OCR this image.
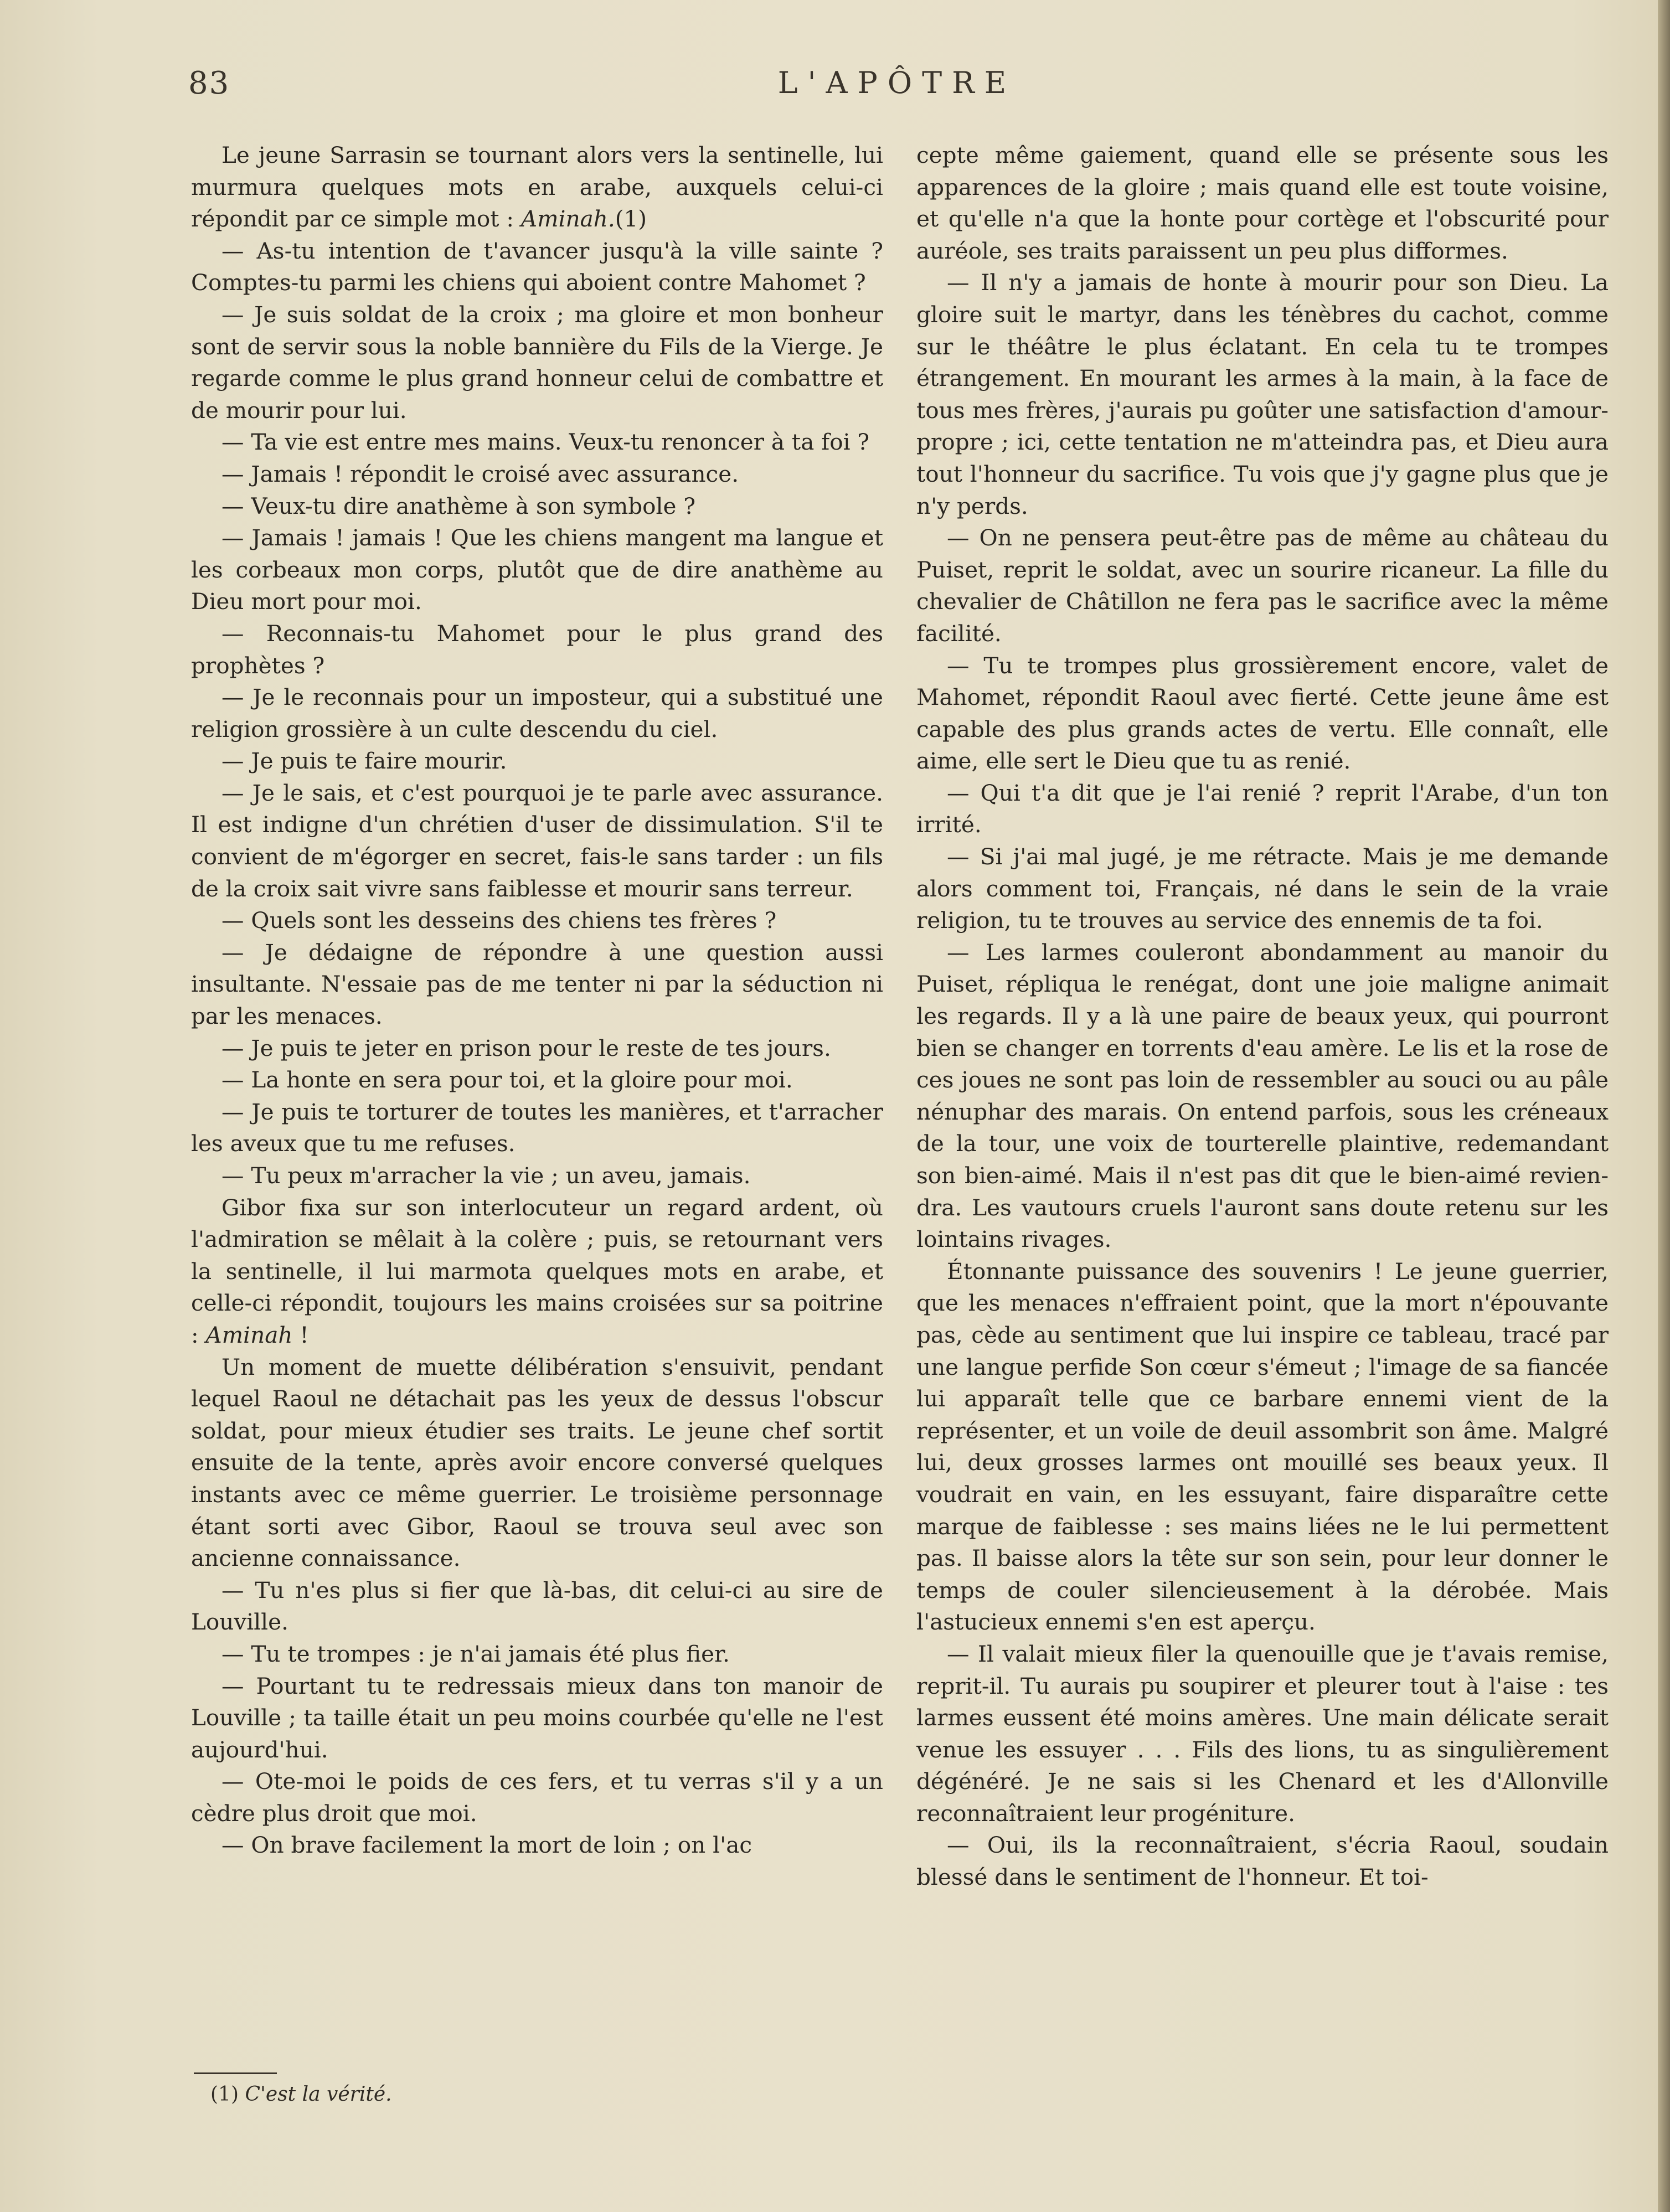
83	L'APÔTRE

Le jeune Sarrasin se tournant alors vers la sentinelle, lui murmura quelques mots en arabe, auxquels celui-ci répondit par ce simple mot : Aminah.(1)

— As-tu intention de t'avancer jusqu'à la ville sainte ? Comptes-tu parmi les chiens qui aboient contre Mahomet ?

— Je suis soldat de la croix ; ma gloire et mon bonheur sont de servir sous la noble bannière du Fils de la Vierge. Je regarde comme le plus grand honneur celui de combattre et de mourir pour lui.

— Ta vie est entre mes mains. Veux-tu renoncer à ta foi ?

— Jamais ! répondit le croisé avec assurance.

— Veux-tu dire anathème à son symbole ?

— Jamais ! jamais ! Que les chiens mangent ma langue et les corbeaux mon corps, plutôt que de dire anathème au Dieu mort pour moi.

— Reconnais-tu Mahomet pour le plus grand des prophètes ?

— Je le reconnais pour un imposteur, qui a substitué une religion grossière à un culte descendu du ciel.

— Je puis te faire mourir.

— Je le sais, et c'est pourquoi je te parle avec assurance. Il est indigne d'un chrétien d'user de dissimulation. S'il te convient de m'égorger en secret, fais-le sans tarder : un fils de la croix sait vivre sans faiblesse et mourir sans terreur.

— Quels sont les desseins des chiens tes frères ?

— Je dédaigne de répondre à une question aussi insultante. N'essaie pas de me tenter ni par la séduction ni par les menaces.

— Je puis te jeter en prison pour le reste de tes jours.

— La honte en sera pour toi, et la gloire pour moi.

— Je puis te torturer de toutes les manières, et t'arracher les aveux que tu me refuses.

— Tu peux m'arracher la vie ; un aveu, jamais.

Gibor fixa sur son interlocuteur un regard ardent, où l'admiration se mêlait à la colère ; puis, se retournant vers la sentinelle, il lui marmota quelques mots en arabe, et celle-ci répondit, toujours les mains croisées sur sa poitrine : Aminah !

Un moment de muette délibération s'ensuivit, pendant lequel Raoul ne détachait pas les yeux de dessus l'obscur soldat, pour mieux étudier ses traits. Le jeune chef sortit ensuite de la tente, après avoir encore conversé quelques instants avec ce même guerrier. Le troisième personnage étant sorti avec Gibor, Raoul se trouva seul avec son ancienne connaissance.

— Tu n'es plus si fier que là-bas, dit celui-ci au sire de Louville.

— Tu te trompes : je n'ai jamais été plus fier.

— Pourtant tu te redressais mieux dans ton manoir de Louville ; ta taille était un peu moins courbée qu'elle ne l'est aujourd'hui.

— Ote-moi le poids de ces fers, et tu verras s'il y a un cèdre plus droit que moi.

— On brave facilement la mort de loin ; on l'ac

cepte même gaiement, quand elle se présente sous les apparences de la gloire ; mais quand elle est toute voisine, et qu'elle n'a que la honte pour cortège et l'obscurité pour auréole, ses traits paraissent un peu plus difformes.

— Il n'y a jamais de honte à mourir pour son Dieu. La gloire suit le martyr, dans les ténèbres du cachot, comme sur le théâtre le plus éclatant. En cela tu te trompes étrangement. En mourant les armes à la main, à la face de tous mes frères, j'aurais pu goûter une satisfaction d'amour-propre ; ici, cette tentation ne m'atteindra pas, et Dieu aura tout l'honneur du sacrifice. Tu vois que j'y gagne plus que je n'y perds.

— On ne pensera peut-être pas de même au château du Puiset, reprit le soldat, avec un sourire ricaneur. La fille du chevalier de Châtillon ne fera pas le sacrifice avec la même facilité.

— Tu te trompes plus grossièrement encore, valet de Mahomet, répondit Raoul avec fierté. Cette jeune âme est capable des plus grands actes de vertu. Elle connaît, elle aime, elle sert le Dieu que tu as renié.

— Qui t'a dit que je l'ai renié ? reprit l'Arabe, d'un ton irrité.

— Si j'ai mal jugé, je me rétracte. Mais je me demande alors comment toi, Français, né dans le sein de la vraie religion, tu te trouves au service des ennemis de ta foi.

— Les larmes couleront abondamment au manoir du Puiset, répliqua le renégat, dont une joie maligne animait les regards. Il y a là une paire de beaux yeux, qui pourront bien se changer en torrents d'eau amère. Le lis et la rose de ces joues ne sont pas loin de ressembler au souci ou au pâle nénuphar des marais. On entend parfois, sous les créneaux de la tour, une voix de tourterelle plaintive, redemandant son bien-aimé. Mais il n'est pas dit que le bien-aimé reviendra. Les vautours cruels l'auront sans doute retenu sur les lointains rivages.

Étonnante puissance des souvenirs ! Le jeune guerrier, que les menaces n'effraient point, que la mort n'épouvante pas, cède au sentiment que lui inspire ce tableau, tracé par une langue perfide Son cœur s'émeut ; l'image de sa fiancée lui apparaît telle que ce barbare ennemi vient de la représenter, et un voile de deuil assombrit son âme. Malgré lui, deux grosses larmes ont mouillé ses beaux yeux. Il voudrait en vain, en les essuyant, faire disparaître cette marque de faiblesse : ses mains liées ne le lui permettent pas. Il baisse alors la tête sur son sein, pour leur donner le temps de couler silencieusement à la dérobée. Mais l'astucieux ennemi s'en est aperçu.

— Il valait mieux filer la quenouille que je t'avais remise, reprit-il. Tu aurais pu soupirer et pleurer tout à l'aise : tes larmes eussent été moins amères. Une main délicate serait venue les essuyer . . . Fils des lions, tu as singulièrement dégénéré. Je ne sais si les Chenard et les d'Allonville reconnaîtraient leur progéniture.

— Oui, ils la reconnaîtraient, s'écria Raoul, soudain blessé dans le sentiment de l'honneur. Et toi-

(1) C'est la vérité.
